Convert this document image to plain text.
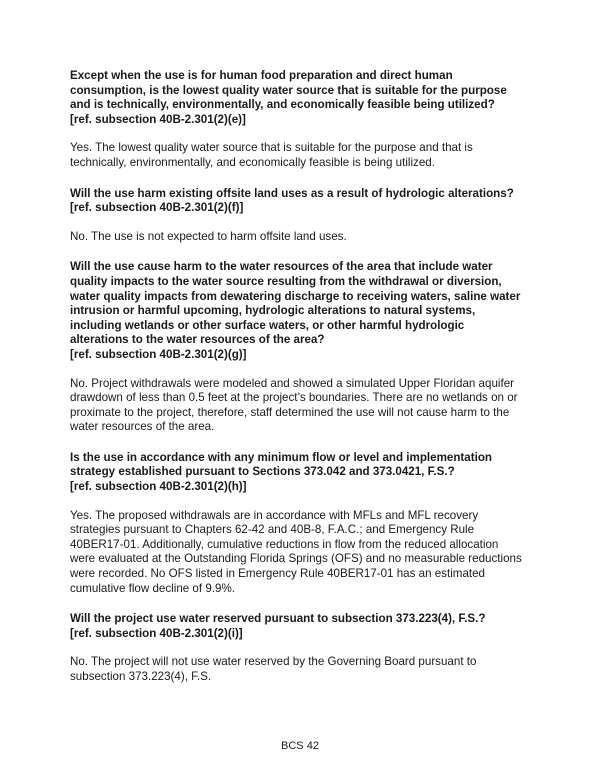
Except when the use is for human food preparation and direct human
consumption, is the lowest quality water source that is suitable for the purpose
and is technically, environmentally, and economically feasible being utilized?
[ref. subsection 40B-2.301(2)(e)]

Yes. The lowest quality water source that is suitable for the purpose and that is
technically, environmentally, and economically feasible is being utilized.

Will the use harm existing offsite land uses as a result of hydrologic alterations?
[ref. subsection 40B-2.301(2)(f)]

No. The use is not expected to harm offsite land uses.

Will the use cause harm to the water resources of the area that include water
quality impacts to the water source resulting from the withdrawal or diversion,
water quality impacts from dewatering discharge to receiving waters, saline water
intrusion or harmful upcoming, hydrologic alterations to natural systems,
including wetlands or other surface waters, or other harmful hydrologic
alterations to the water resources of the area?
[ref. subsection 40B-2.301(2)(g)]

No. Project withdrawals were modeled and showed a simulated Upper Floridan aquifer
drawdown of less than 0.5 feet at the project’s boundaries. There are no wetlands on or
proximate to the project, therefore, staff determined the use will not cause harm to the
water resources of the area.

Is the use in accordance with any minimum flow or level and implementation
strategy established pursuant to Sections 373.042 and 373.0421, F.S.?
[ref. subsection 40B-2.301(2)(h)]

Yes. The proposed withdrawals are in accordance with MFLs and MFL recovery
strategies pursuant to Chapters 62-42 and 40B-8, F.A.C.; and Emergency Rule
40BER17-01. Additionally, cumulative reductions in flow from the reduced allocation
were evaluated at the Outstanding Florida Springs (OFS) and no measurable reductions
were recorded. No OFS listed in Emergency Rule 40BER17-01 has an estimated
cumulative flow decline of 9.9%.

Will the project use water reserved pursuant to subsection 373.223(4), F.S.?
[ref. subsection 40B-2.301(2)(i)]

No. The project will not use water reserved by the Governing Board pursuant to
subsection 373.223(4), F.S.

BCS 42
